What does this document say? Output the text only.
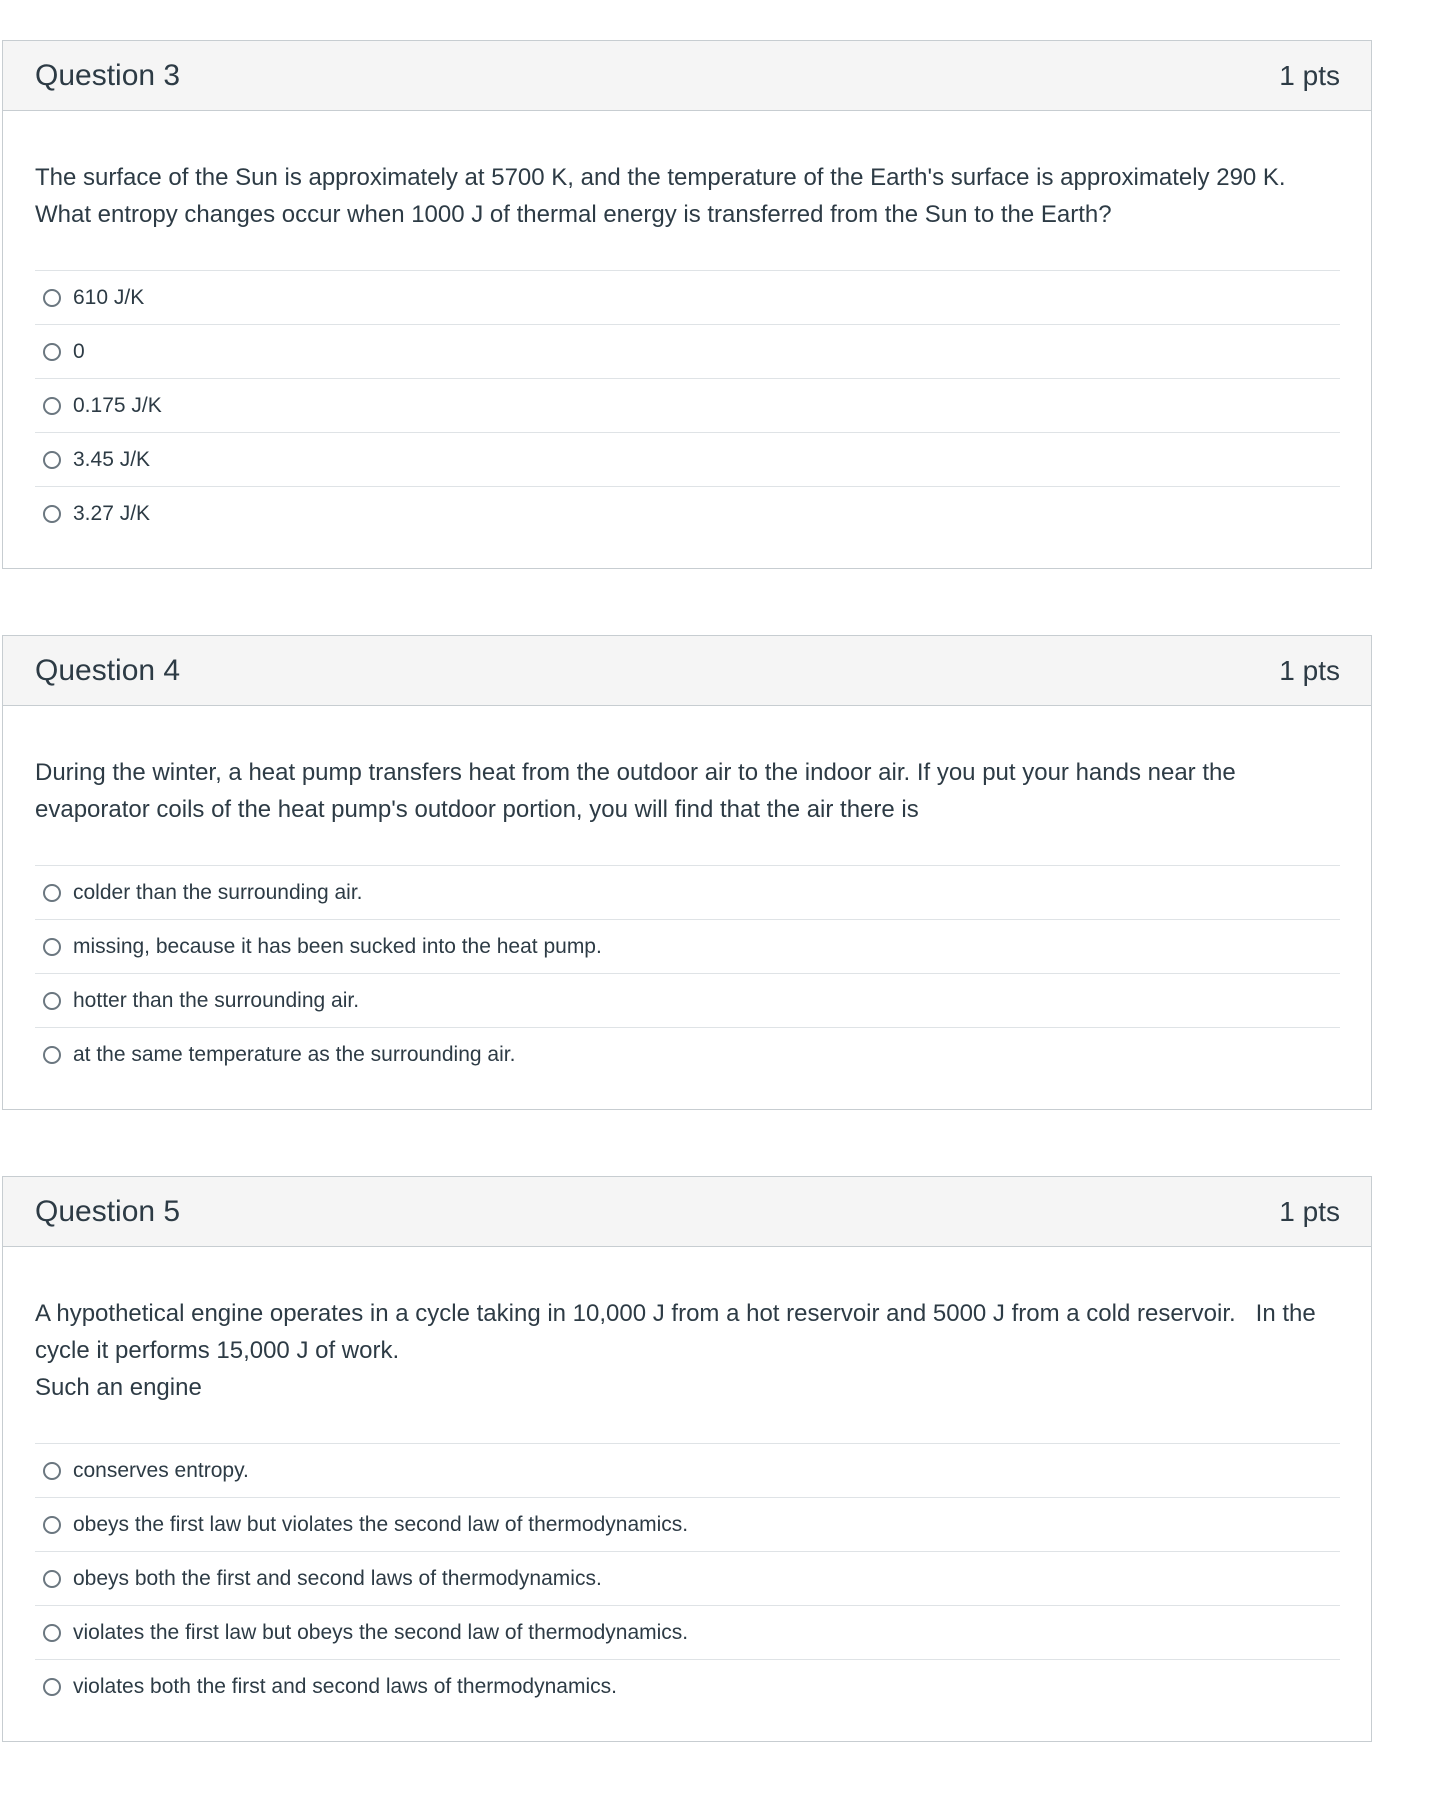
Question 3	1 pts
The surface of the Sun is approximately at 5700 K, and the temperature of the Earth's surface is approximately 290 K. What entropy changes occur when 1000 J of thermal energy is transferred from the Sun to the Earth?
610 J/K
0
0.175 J/K
3.45 J/K
3.27 J/K
Question 4	1 pts
During the winter, a heat pump transfers heat from the outdoor air to the indoor air. If you put your hands near the evaporator coils of the heat pump's outdoor portion, you will find that the air there is
colder than the surrounding air.
missing, because it has been sucked into the heat pump.
hotter than the surrounding air.
at the same temperature as the surrounding air.
Question 5	1 pts
A hypothetical engine operates in a cycle taking in 10,000 J from a hot reservoir and 5000 J from a cold reservoir.   In the cycle it performs 15,000 J of work.
Such an engine
conserves entropy.
obeys the first law but violates the second law of thermodynamics.
obeys both the first and second laws of thermodynamics.
violates the first law but obeys the second law of thermodynamics.
violates both the first and second laws of thermodynamics.
